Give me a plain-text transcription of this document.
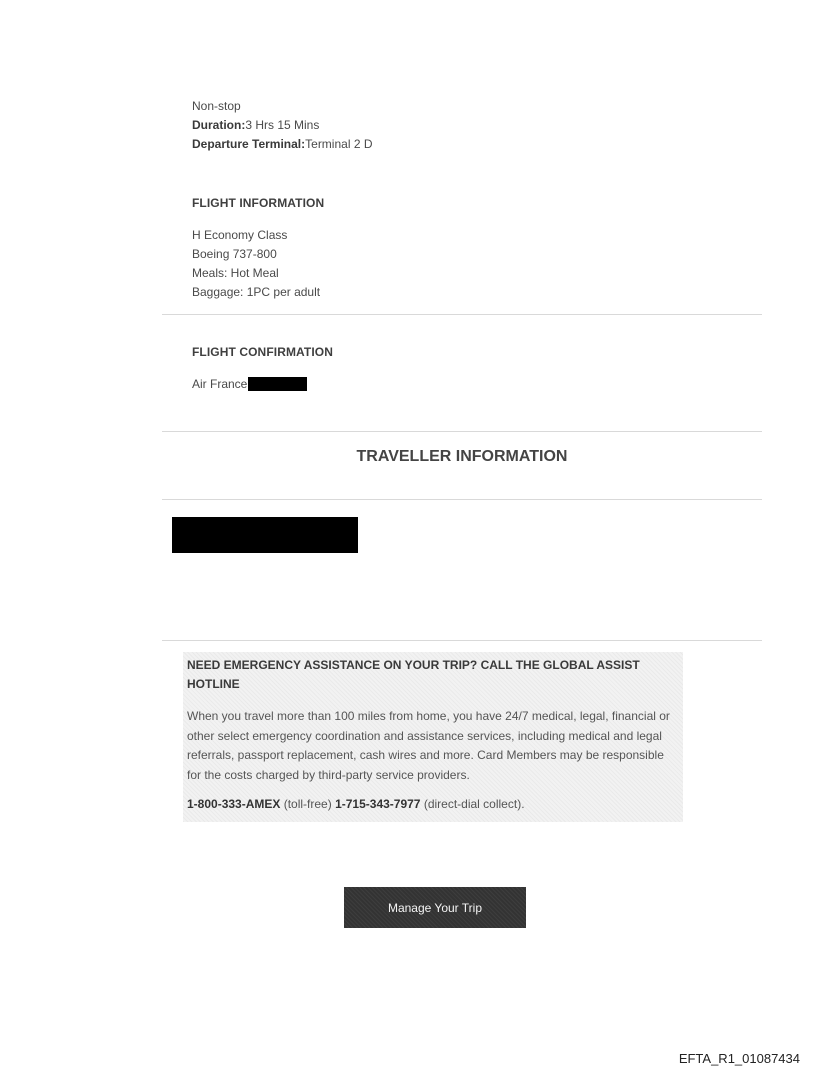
Non-stop
Duration:3 Hrs 15 Mins
Departure Terminal:Terminal 2 D
FLIGHT INFORMATION
H Economy Class
Boeing 737-800
Meals: Hot Meal
Baggage: 1PC per adult
FLIGHT CONFIRMATION
Air France
TRAVELLER INFORMATION
NEED EMERGENCY ASSISTANCE ON YOUR TRIP? CALL THE GLOBAL ASSIST HOTLINE
When you travel more than 100 miles from home, you have 24/7 medical, legal, financial or other select emergency coordination and assistance services, including medical and legal referrals, passport replacement, cash wires and more. Card Members may be responsible for the costs charged by third-party service providers.
1-800-333-AMEX (toll-free) 1-715-343-7977 (direct-dial collect).
Manage Your Trip
EFTA_R1_01087434
